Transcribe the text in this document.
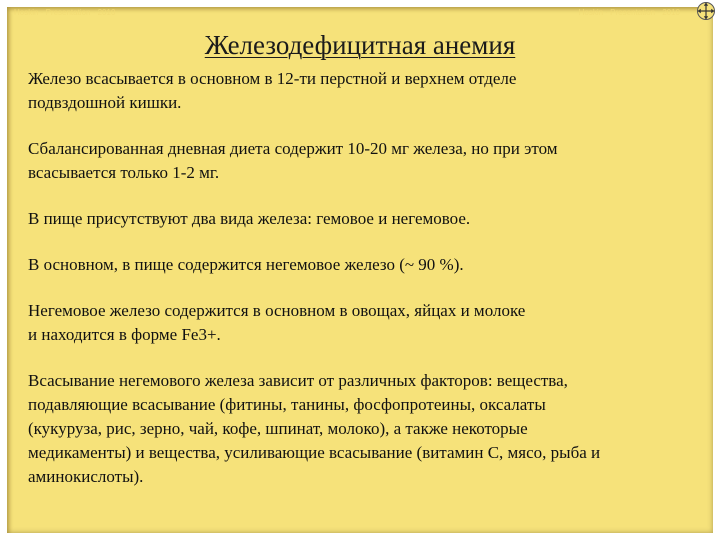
Hoskin · Presentation · 2010	Hoskin · Presentation · 2010
Железодефицитная анемия

Железо всасывается в основном в 12-ти перстной и верхнем отделе
подвздошной кишки.

Сбалансированная дневная диета содержит 10-20 мг железа, но при этом
всасывается только 1-2 мг.

В пище присутствуют два вида железа: гемовое и негемовое.

В основном, в пище содержится негемовое железо (~ 90 %).

Негемовое железо содержится в основном в овощах, яйцах и молоке
и находится в форме Fe3+.

Всасывание негемового железа зависит от различных факторов: вещества,
подавляющие всасывание (фитины, танины, фосфопротеины, оксалаты
(кукуруза, рис, зерно, чай, кофе, шпинат, молоко), а также некоторые
медикаменты) и вещества, усиливающие всасывание (витамин С, мясо, рыба и
аминокислоты).
